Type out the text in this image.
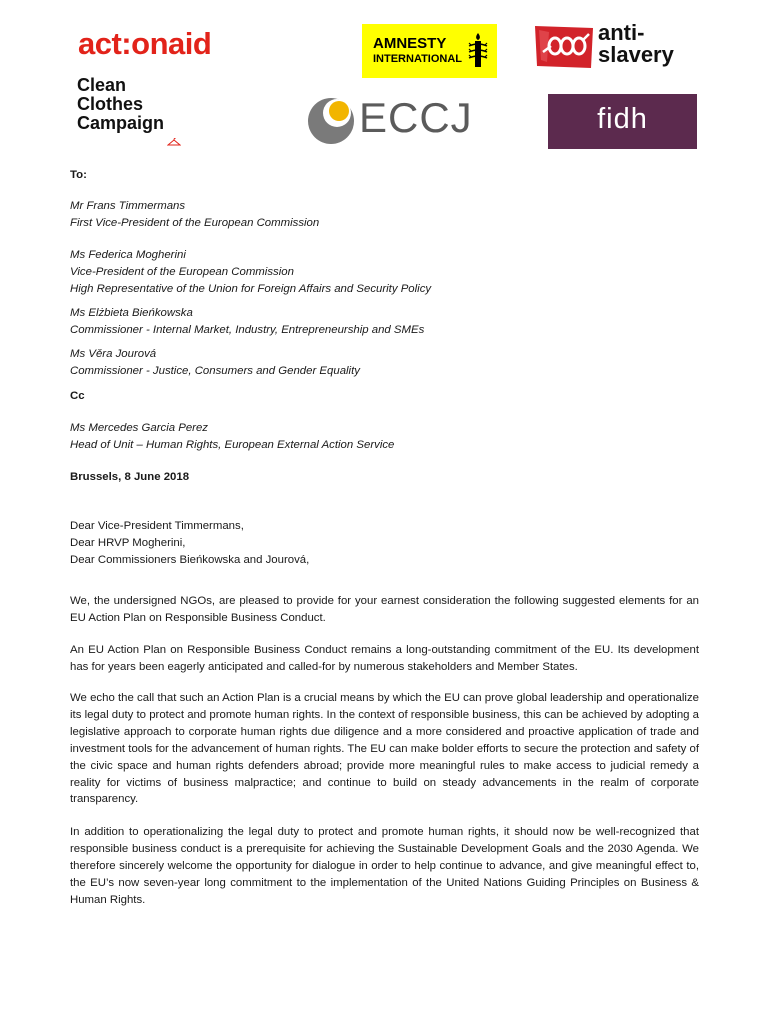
act:onaid	AMNESTY
INTERNATIONAL
anti-
slavery
Clean
Clothes
Campaign	ECCJ	fidh
To:
Mr Frans Timmermans
First Vice-President of the European Commission
Ms Federica Mogherini
Vice-President of the European Commission
High Representative of the Union for Foreign Affairs and Security Policy
Ms Elżbieta Bieńkowska
Commissioner - Internal Market, Industry, Entrepreneurship and SMEs
Ms Věra Jourová
Commissioner - Justice, Consumers and Gender Equality
Cc
Ms Mercedes Garcia Perez
Head of Unit – Human Rights, European External Action Service
Brussels, 8 June 2018
Dear Vice-President Timmermans,
Dear HRVP Mogherini,
Dear Commissioners Bieńkowska and Jourová,
We, the undersigned NGOs, are pleased to provide for your earnest consideration the following suggested elements for an EU Action Plan on Responsible Business Conduct.
An EU Action Plan on Responsible Business Conduct remains a long-outstanding commitment of the EU. Its development has for years been eagerly anticipated and called-for by numerous stakeholders and Member States.
We echo the call that such an Action Plan is a crucial means by which the EU can prove global leadership and operationalize its legal duty to protect and promote human rights. In the context of responsible business, this can be achieved by adopting a legislative approach to corporate human rights due diligence and a more considered and proactive application of trade and investment tools for the advancement of human rights. The EU can make bolder efforts to secure the protection and safety of the civic space and human rights defenders abroad; provide more meaningful rules to make access to judicial remedy a reality for victims of business malpractice; and continue to build on steady advancements in the realm of corporate transparency.
In addition to operationalizing the legal duty to protect and promote human rights, it should now be well-recognized that responsible business conduct is a prerequisite for achieving the Sustainable Development Goals and the 2030 Agenda. We therefore sincerely welcome the opportunity for dialogue in order to help continue to advance, and give meaningful effect to, the EU’s now seven-year long commitment to the implementation of the United Nations Guiding Principles on Business & Human Rights.
